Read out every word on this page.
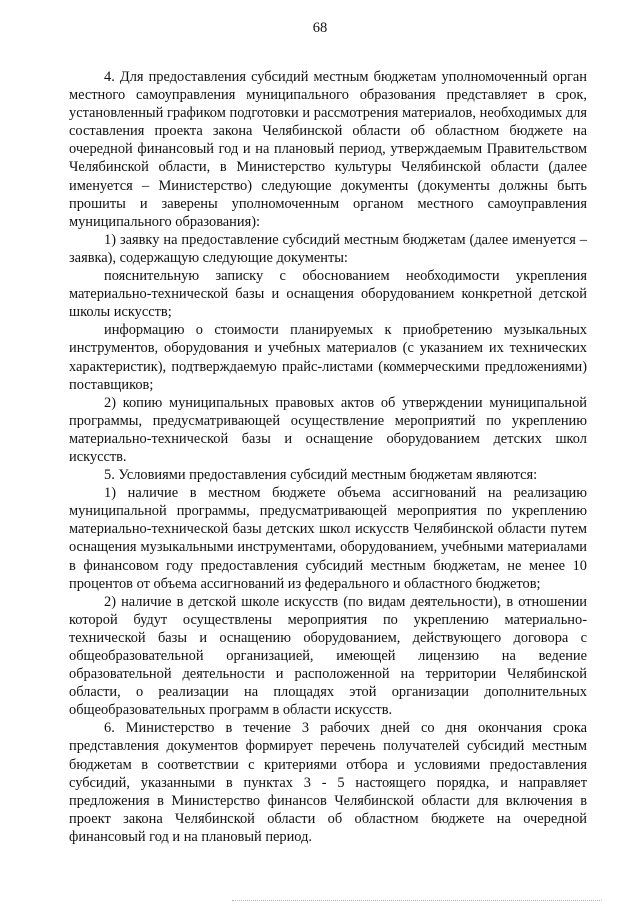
68

4. Для предоставления субсидий местным бюджетам уполномоченный орган местного самоуправления муниципального образования представляет в срок, установленный графиком подготовки и рассмотрения материалов, необходимых для составления проекта закона Челябинской области об областном бюджете на очередной финансовый год и на плановый период, утверждаемым Правительством Челябинской области, в Министерство культуры Челябинской области (далее именуется – Министерство) следующие документы (документы должны быть прошиты и заверены уполномоченным органом местного самоуправления муниципального образования):

1) заявку на предоставление субсидий местным бюджетам (далее именуется – заявка), содержащую следующие документы:

пояснительную записку с обоснованием необходимости укрепления материально-технической базы и оснащения оборудованием конкретной детской школы искусств;

информацию о стоимости планируемых к приобретению музыкальных инструментов, оборудования и учебных материалов (с указанием их технических характеристик), подтверждаемую прайс-листами (коммерческими предложениями) поставщиков;

2) копию муниципальных правовых актов об утверждении муниципальной программы, предусматривающей осуществление мероприятий по укреплению материально-технической базы и оснащение оборудованием детских школ искусств.

5. Условиями предоставления субсидий местным бюджетам являются:

1) наличие в местном бюджете объема ассигнований на реализацию муниципальной программы, предусматривающей мероприятия по укреплению материально-технической базы детских школ искусств Челябинской области путем оснащения музыкальными инструментами, оборудованием, учебными материалами в финансовом году предоставления субсидий местным бюджетам, не менее 10 процентов от объема ассигнований из федерального и областного бюджетов;

2) наличие в детской школе искусств (по видам деятельности), в отношении которой будут осуществлены мероприятия по укреплению материально-технической базы и оснащению оборудованием, действующего договора с общеобразовательной организацией, имеющей лицензию на ведение образовательной деятельности и расположенной на территории Челябинской области, о реализации на площадях этой организации дополнительных общеобразовательных программ в области искусств.

6. Министерство в течение 3 рабочих дней со дня окончания срока представления документов формирует перечень получателей субсидий местным бюджетам в соответствии с критериями отбора и условиями предоставления субсидий, указанными в пунктах 3 - 5 настоящего порядка, и направляет предложения в Министерство финансов Челябинской области для включения в проект закона Челябинской области об областном бюджете на очередной финансовый год и на плановый период.
